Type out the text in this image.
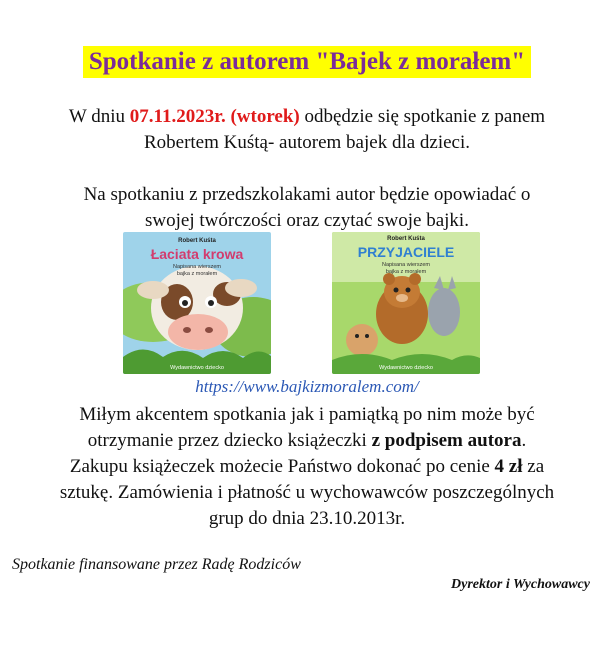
Spotkanie z autorem "Bajek z morałem"
W dniu 07.11.2023r. (wtorek) odbędzie się spotkanie z panem
Robertem Kuśtą- autorem bajek dla dzieci.
Na spotkaniu z przedszkolakami autor będzie opowiadać o
swojej twórczości oraz czytać swoje bajki.
Robert Kuśta
Łaciata krowa
Napisana wierszem
bajka z morałem
Wydawnictwo dziecko
Robert Kuśta
PRZYJACIELE
Napisana wierszem
bajka z morałem
Wydawnictwo dziecko
https://www.bajkizmoralem.com/
Miłym akcentem spotkania jak i pamiątką po nim może być
otrzymanie przez dziecko książeczki z podpisem autora.
Zakupu książeczek możecie Państwo dokonać po cenie 4 zł za
sztukę. Zamówienia i płatność u wychowawców poszczególnych
grup do dnia 23.10.2013r.
Spotkanie finansowane przez Radę Rodziców
Dyrektor i Wychowawcy
